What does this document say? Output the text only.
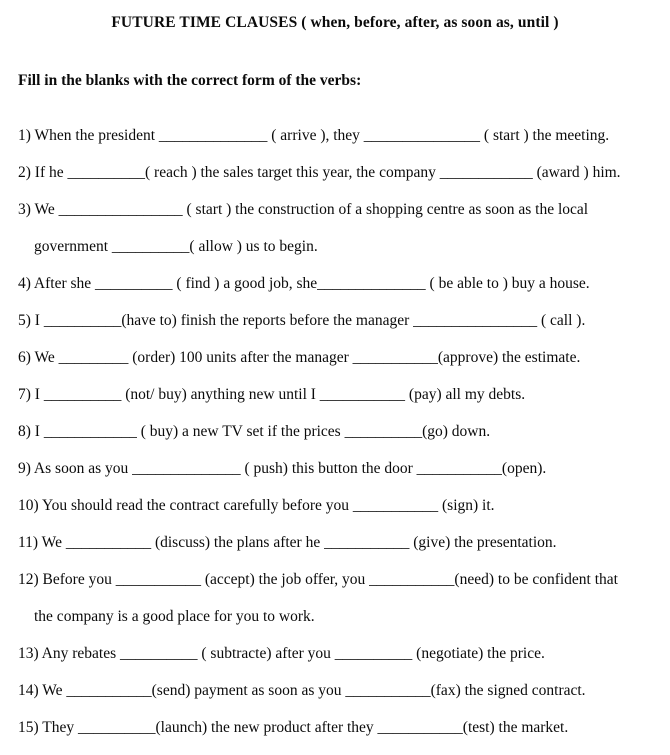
FUTURE TIME CLAUSES ( when, before, after, as soon as, until )

Fill in the blanks with the correct form of the verbs:

1) When the president ______________ ( arrive ), they _______________ ( start ) the meeting.

2) If he __________( reach ) the sales target this year, the company ____________ (award ) him.

3) We ________________ ( start ) the construction of a shopping centre as soon as the local

government __________( allow ) us to begin.

4) After she __________ ( find ) a good job, she______________ ( be able to ) buy a house.

5) I __________(have to) finish the reports before the manager ________________ ( call ).

6) We _________ (order) 100 units after the manager ___________(approve) the estimate.

7) I __________ (not/ buy) anything new until I ___________ (pay) all my debts.

8) I ____________ ( buy) a new TV set if the prices __________(go) down.

9) As soon as you ______________ ( push) this button the door ___________(open).

10) You should read the contract carefully before you ___________ (sign) it.

11) We ___________ (discuss) the plans after he ___________ (give) the presentation.

12) Before you ___________ (accept) the job offer, you ___________(need) to be confident that

the company is a good place for you to work.

13) Any rebates __________ ( subtracte) after you __________ (negotiate) the price.

14) We ___________(send) payment as soon as you ___________(fax) the signed contract.

15) They __________(launch) the new product after they ___________(test) the market.
